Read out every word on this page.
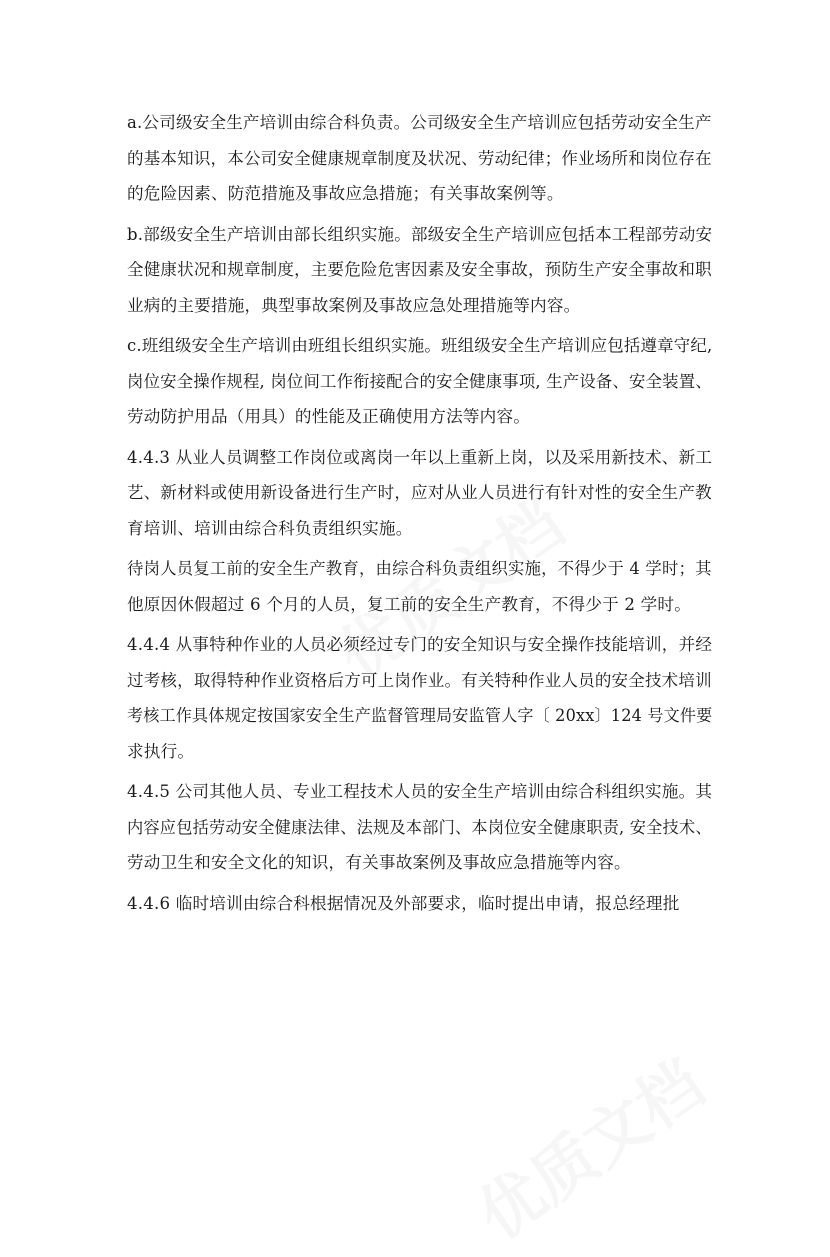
a.公司级安全生产培训由综合科负责。公司级安全生产培训应包括劳动安全生产
的基本知识，本公司安全健康规章制度及状况、劳动纪律；作业场所和岗位存在
的危险因素、防范措施及事故应急措施；有关事故案例等。
b.部级安全生产培训由部长组织实施。部级安全生产培训应包括本工程部劳动安
全健康状况和规章制度，主要危险危害因素及安全事故，预防生产安全事故和职
业病的主要措施，典型事故案例及事故应急处理措施等内容。
c.班组级安全生产培训由班组长组织实施。班组级安全生产培训应包括遵章守纪,
岗位安全操作规程, 岗位间工作衔接配合的安全健康事项, 生产设备、安全装置、
劳动防护用品（用具）的性能及正确使用方法等内容。
4.4.3 从业人员调整工作岗位或离岗一年以上重新上岗，以及采用新技术、新工
艺、新材料或使用新设备进行生产时，应对从业人员进行有针对性的安全生产教
育培训、培训由综合科负责组织实施。
待岗人员复工前的安全生产教育，由综合科负责组织实施，不得少于 4 学时；其
他原因休假超过 6 个月的人员，复工前的安全生产教育，不得少于 2 学时。
4.4.4 从事特种作业的人员必须经过专门的安全知识与安全操作技能培训，并经
过考核，取得特种作业资格后方可上岗作业。有关特种作业人员的安全技术培训
考核工作具体规定按国家安全生产监督管理局安监管人字〔 20xx〕124 号文件要
求执行。
4.4.5 公司其他人员、专业工程技术人员的安全生产培训由综合科组织实施。其
内容应包括劳动安全健康法律、法规及本部门、本岗位安全健康职责, 安全技术、
劳动卫生和安全文化的知识，有关事故案例及事故应急措施等内容。
4.4.6 临时培训由综合科根据情况及外部要求，临时提出申请，报总经理批
